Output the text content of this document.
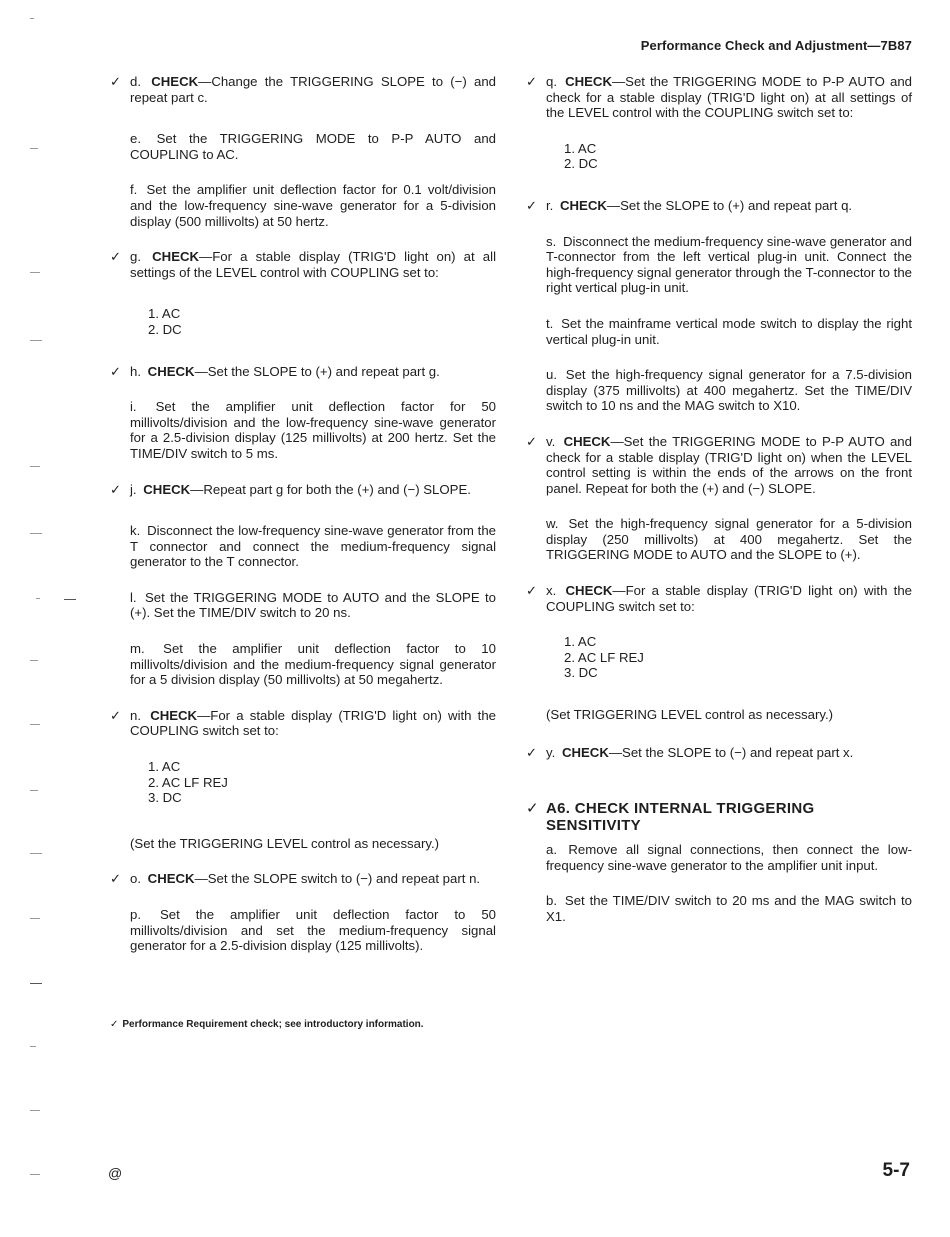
Performance Check and Adjustment—7B87
✓ d. CHECK—Change the TRIGGERING SLOPE to (−) and repeat part c.
e. Set the TRIGGERING MODE to P-P AUTO and COUPLING to AC.
f. Set the amplifier unit deflection factor for 0.1 volt/division and the low-frequency sine-wave generator for a 5-division display (500 millivolts) at 50 hertz.
✓ g. CHECK—For a stable display (TRIG'D light on) at all settings of the LEVEL control with COUPLING set to:
1. AC
2. DC
✓ h. CHECK—Set the SLOPE to (+) and repeat part g.
i. Set the amplifier unit deflection factor for 50 millivolts/division and the low-frequency sine-wave generator for a 2.5-division display (125 millivolts) at 200 hertz. Set the TIME/DIV switch to 5 ms.
✓ j. CHECK—Repeat part g for both the (+) and (−) SLOPE.
k. Disconnect the low-frequency sine-wave generator from the T connector and connect the medium-frequency signal generator to the T connector.
l. Set the TRIGGERING MODE to AUTO and the SLOPE to (+). Set the TIME/DIV switch to 20 ns.
m. Set the amplifier unit deflection factor to 10 millivolts/division and the medium-frequency signal generator for a 5 division display (50 millivolts) at 50 megahertz.
✓ n. CHECK—For a stable display (TRIG'D light on) with the COUPLING switch set to:
1. AC
2. AC LF REJ
3. DC
(Set the TRIGGERING LEVEL control as necessary.)
✓ o. CHECK—Set the SLOPE switch to (−) and repeat part n.
p. Set the amplifier unit deflection factor to 50 millivolts/division and set the medium-frequency signal generator for a 2.5-division display (125 millivolts).
✓ q. CHECK—Set the TRIGGERING MODE to P-P AUTO and check for a stable display (TRIG'D light on) at all settings of the LEVEL control with the COUPLING switch set to:
1. AC
2. DC
✓ r. CHECK—Set the SLOPE to (+) and repeat part q.
s. Disconnect the medium-frequency sine-wave generator and T-connector from the left vertical plug-in unit. Connect the high-frequency signal generator through the T-connector to the right vertical plug-in unit.
t. Set the mainframe vertical mode switch to display the right vertical plug-in unit.
u. Set the high-frequency signal generator for a 7.5-division display (375 millivolts) at 400 megahertz. Set the TIME/DIV switch to 10 ns and the MAG switch to X10.
✓ v. CHECK—Set the TRIGGERING MODE to P-P AUTO and check for a stable display (TRIG'D light on) when the LEVEL control setting is within the ends of the arrows on the front panel. Repeat for both the (+) and (−) SLOPE.
w. Set the high-frequency signal generator for a 5-division display (250 millivolts) at 400 megahertz. Set the TRIGGERING MODE to AUTO and the SLOPE to (+).
✓ x. CHECK—For a stable display (TRIG'D light on) with the COUPLING switch set to:
1. AC
2. AC LF REJ
3. DC
(Set TRIGGERING LEVEL control as necessary.)
✓ y. CHECK—Set the SLOPE to (−) and repeat part x.
✓ A6. CHECK INTERNAL TRIGGERING SENSITIVITY
a. Remove all signal connections, then connect the low-frequency sine-wave generator to the amplifier unit input.
b. Set the TIME/DIV switch to 20 ms and the MAG switch to X1.
✓ Performance Requirement check; see introductory information.
@	5-7
